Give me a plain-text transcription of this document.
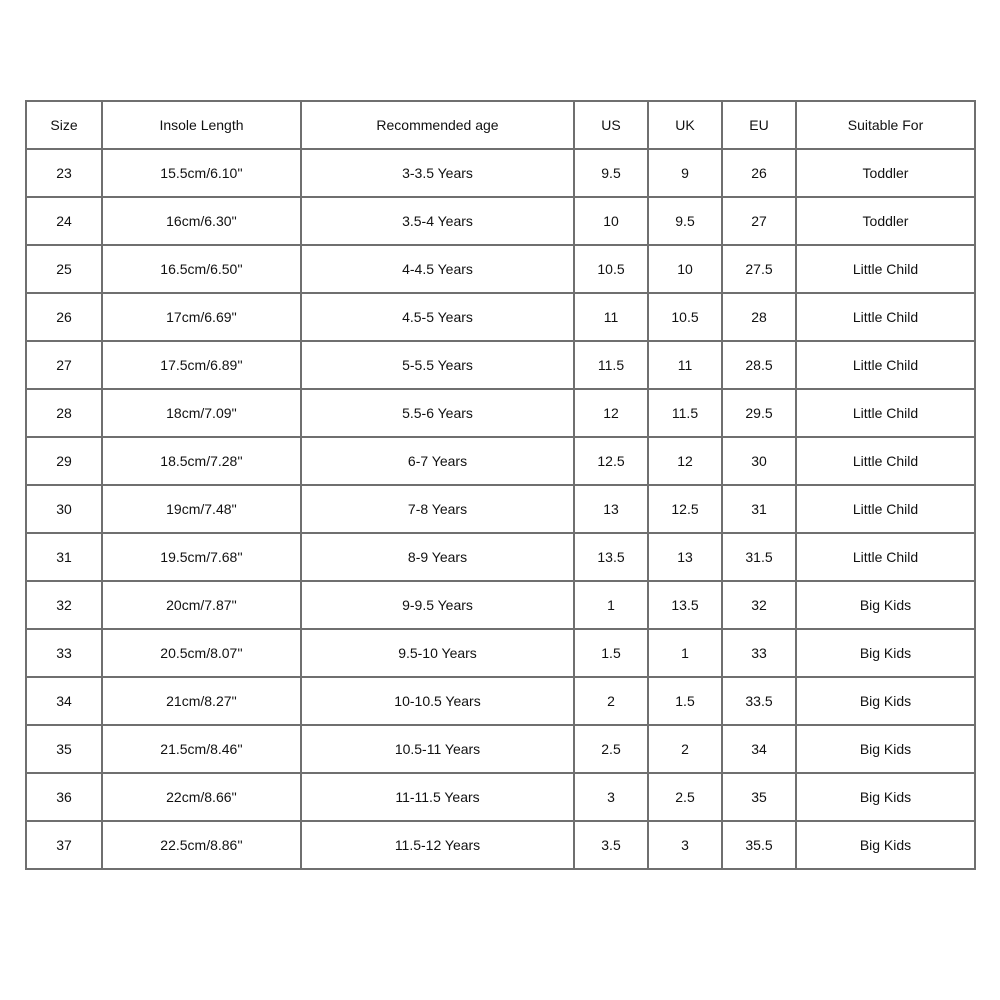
Size	Insole Length	Recommended age	US	UK	EU	Suitable For
23	15.5cm/6.10''	3-3.5 Years	9.5	9	26	Toddler
24	16cm/6.30''	3.5-4 Years	10	9.5	27	Toddler
25	16.5cm/6.50''	4-4.5 Years	10.5	10	27.5	Little Child
26	17cm/6.69''	4.5-5 Years	11	10.5	28	Little Child
27	17.5cm/6.89''	5-5.5 Years	11.5	11	28.5	Little Child
28	18cm/7.09''	5.5-6 Years	12	11.5	29.5	Little Child
29	18.5cm/7.28''	6-7 Years	12.5	12	30	Little Child
30	19cm/7.48''	7-8 Years	13	12.5	31	Little Child
31	19.5cm/7.68''	8-9 Years	13.5	13	31.5	Little Child
32	20cm/7.87''	9-9.5 Years	1	13.5	32	Big Kids
33	20.5cm/8.07''	9.5-10 Years	1.5	1	33	Big Kids
34	21cm/8.27''	10-10.5 Years	2	1.5	33.5	Big Kids
35	21.5cm/8.46''	10.5-11 Years	2.5	2	34	Big Kids
36	22cm/8.66''	11-11.5 Years	3	2.5	35	Big Kids
37	22.5cm/8.86''	11.5-12 Years	3.5	3	35.5	Big Kids
